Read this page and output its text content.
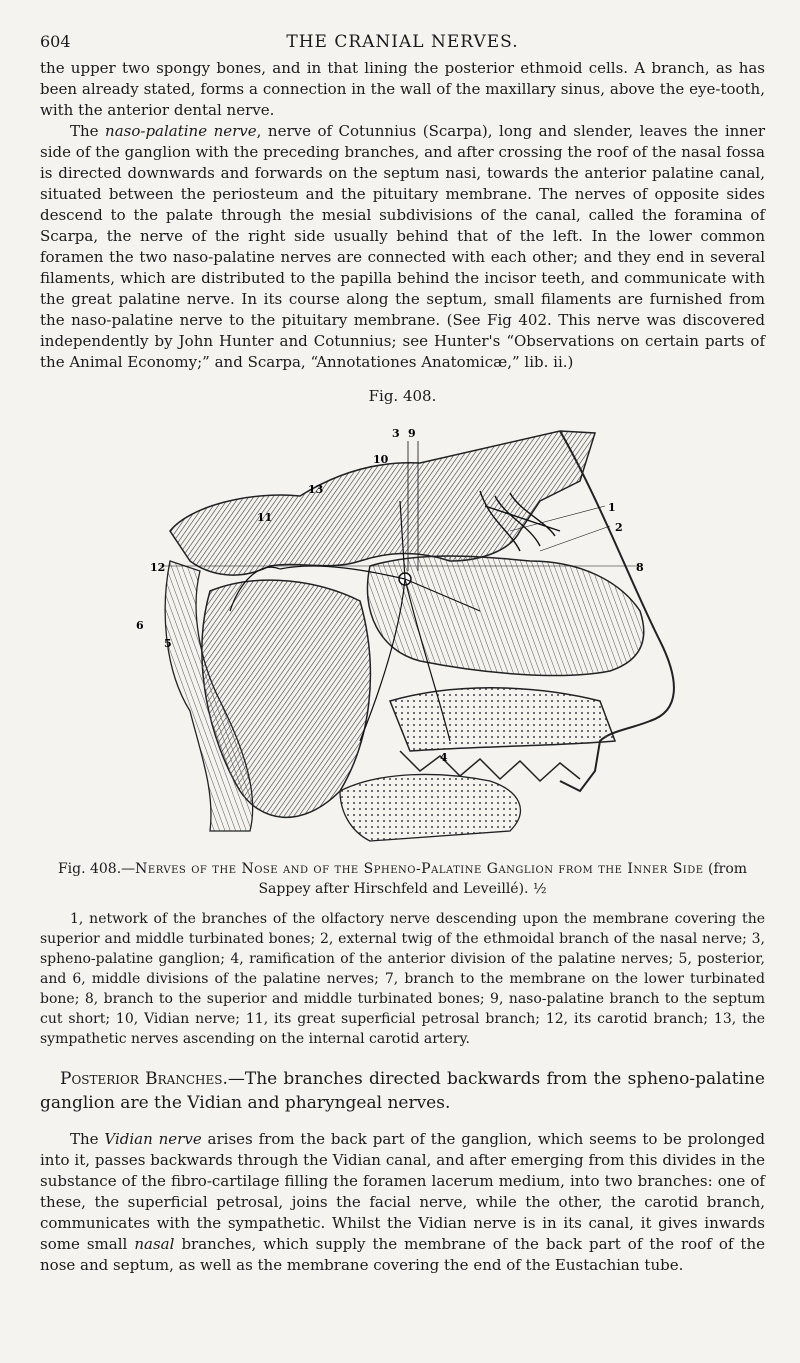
604	THE CRANIAL NERVES.

the upper two spongy bones, and in that lining the posterior ethmoid cells. A branch, as has been already stated, forms a connection in the wall of the maxillary sinus, above the eye-tooth, with the anterior dental nerve.

The naso-palatine nerve, nerve of Cotunnius (Scarpa), long and slender, leaves the inner side of the ganglion with the preceding branches, and after crossing the roof of the nasal fossa is directed downwards and forwards on the septum nasi, towards the anterior palatine canal, situated between the periosteum and the pituitary membrane. The nerves of opposite sides descend to the palate through the mesial subdivisions of the canal, called the foramina of Scarpa, the nerve of the right side usually behind that of the left. In the lower common foramen the two naso-palatine nerves are connected with each other; and they end in several filaments, which are distributed to the papilla behind the incisor teeth, and communicate with the great palatine nerve. In its course along the septum, small filaments are furnished from the naso-palatine nerve to the pituitary membrane. (See Fig 402. This nerve was discovered independently by John Hunter and Cotunnius; see Hunter's “Observations on certain parts of the Animal Economy;” and Scarpa, “Annotationes Anatomicæ,” lib. ii.)

Fig. 408.
3 9
10
1
2
13
11
12	8
6
5
4
Fig. 408.—Nerves of the Nose and of the Spheno-Palatine Ganglion from the Inner Side (from Sappey after Hirschfeld and Leveillé). ½

1, network of the branches of the olfactory nerve descending upon the membrane covering the superior and middle turbinated bones; 2, external twig of the ethmoidal branch of the nasal nerve; 3, spheno-palatine ganglion; 4, ramification of the anterior division of the palatine nerves; 5, posterior, and 6, middle divisions of the palatine nerves; 7, branch to the membrane on the lower turbinated bone; 8, branch to the superior and middle turbinated bones; 9, naso-palatine branch to the septum cut short; 10, Vidian nerve; 11, its great superficial petrosal branch; 12, its carotid branch; 13, the sympathetic nerves ascending on the internal carotid artery.

Posterior Branches.—The branches directed backwards from the spheno-palatine ganglion are the Vidian and pharyngeal nerves.

The Vidian nerve arises from the back part of the ganglion, which seems to be prolonged into it, passes backwards through the Vidian canal, and after emerging from this divides in the substance of the fibro-cartilage filling the foramen lacerum medium, into two branches: one of these, the superficial petrosal, joins the facial nerve, while the other, the carotid branch, communicates with the sympathetic. Whilst the Vidian nerve is in its canal, it gives inwards some small nasal branches, which supply the membrane of the back part of the roof of the nose and septum, as well as the membrane covering the end of the Eustachian tube.
